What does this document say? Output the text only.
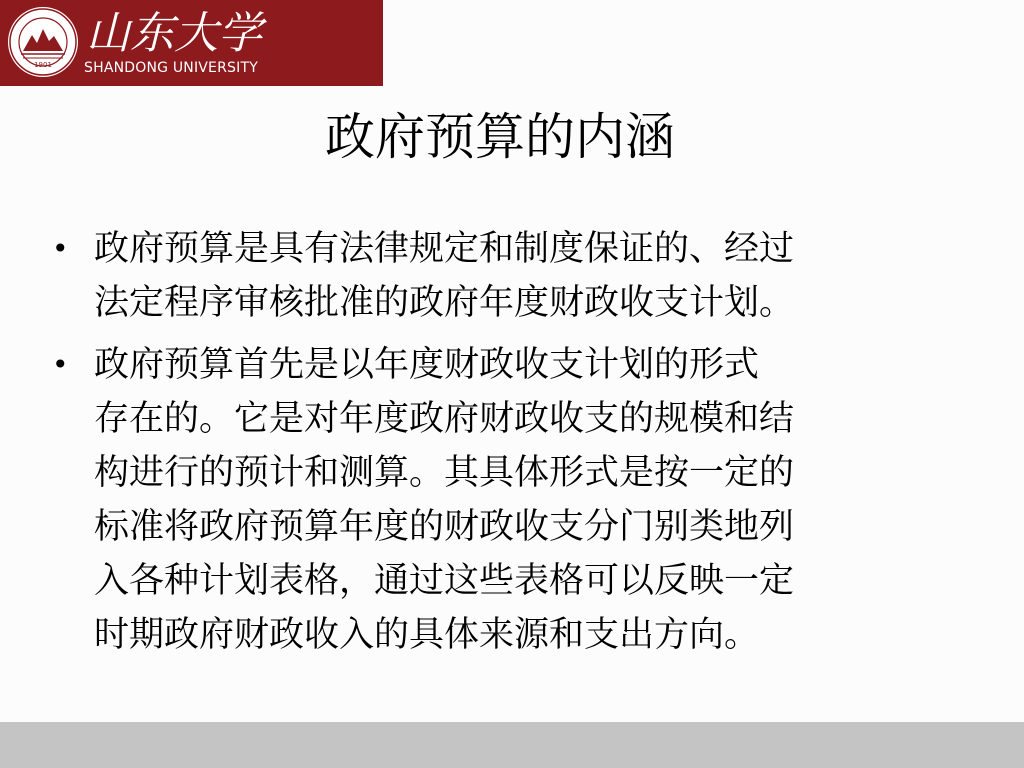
1901
山东大学
SHANDONG UNIVERSITY
政府预算的内涵
• 政府预算是具有法律规定和制度保证的、经过
法定程序审核批准的政府年度财政收支计划。
• 政府预算首先是以年度财政收支计划的形式
存在的。它是对年度政府财政收支的规模和结
构进行的预计和测算。其具体形式是按一定的
标准将政府预算年度的财政收支分门别类地列
入各种计划表格，通过这些表格可以反映一定
时期政府财政收入的具体来源和支出方向。
